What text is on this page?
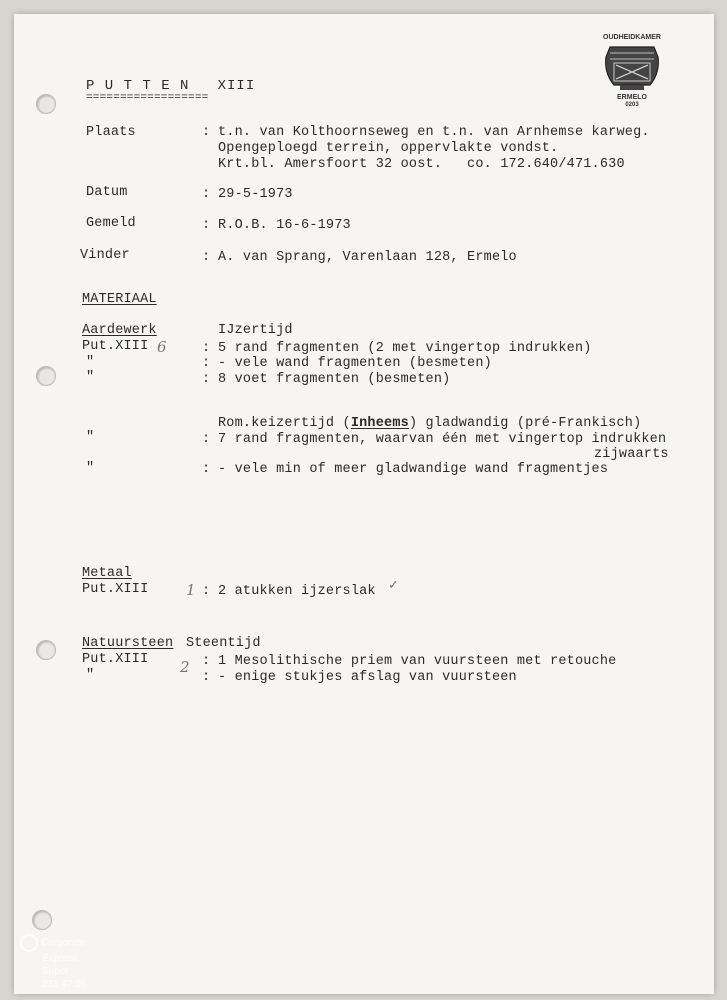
OUDHEIDKAMER
ERMELO
0203
P U T T E N   XIII
==================
Plaats	: t.n. van Kolthoornseweg en t.n. van Arnhemse karweg.
Opengeploegd terrein, oppervlakte vondst.
Krt.bl. Amersfoort 32 oost.   co. 172.640/471.630
Datum	: 29-5-1973
Gemeld	: R.O.B. 16-6-1973
Vinder	: A. van Sprang, Varenlaan 128, Ermelo
MATERIAAL
Aardewerk	IJzertijd
Put.XIII 6	: 5 rand fragmenten (2 met vingertop indrukken)
"	: - vele wand fragmenten (besmeten)
"	: 8 voet fragmenten (besmeten)
Rom.keizertijd (Inheems) gladwandig (pré-Frankisch)
"	: 7 rand fragmenten, waarvan één met vingertop indrukken
zijwaarts
"	: - vele min of meer gladwandige wand fragmentjes
Metaal
Put.XIII	1 : 2 atukken ijzerslak ✓
Natuursteen Steentijd
Put.XIII 2 : 1 Mesolithische priem van vuursteen met retouche
"	: - enige stukjes afslag van vuursteen
Corporate
Express
Super
231.47.06
